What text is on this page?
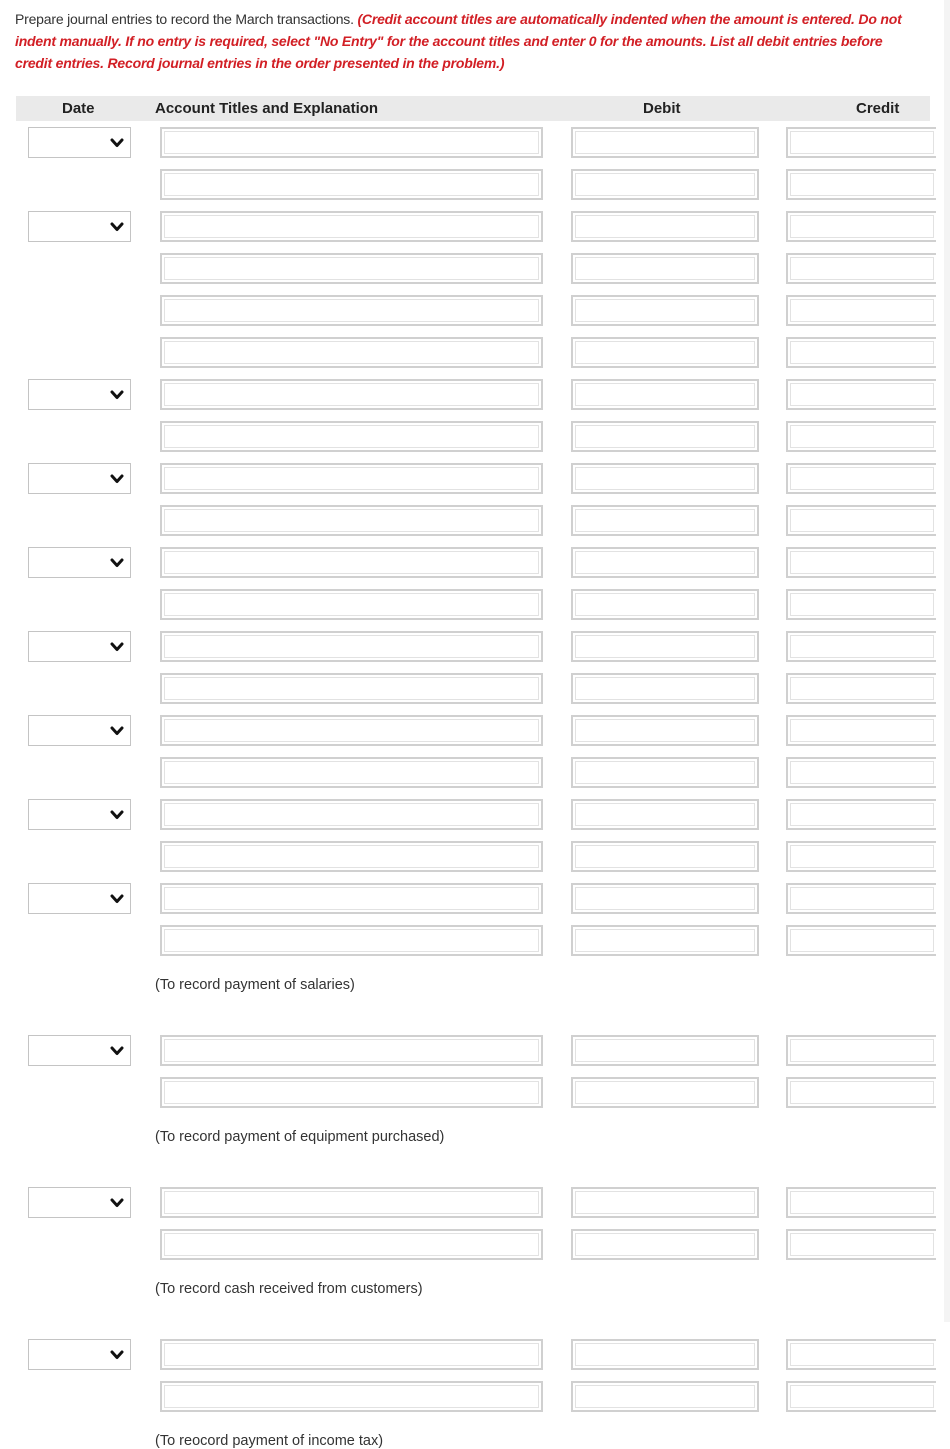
Prepare journal entries to record the March transactions. (Credit account titles are automatically indented when the amount is entered. Do not indent manually. If no entry is required, select "No Entry" for the account titles and enter 0 for the amounts. List all debit entries before credit entries. Record journal entries in the order presented in the problem.)
Date	Account Titles and Explanation	Debit	Credit
(To record payment of salaries)
(To record payment of equipment purchased)
(To record cash received from customers)
(To reocord payment of income tax)
